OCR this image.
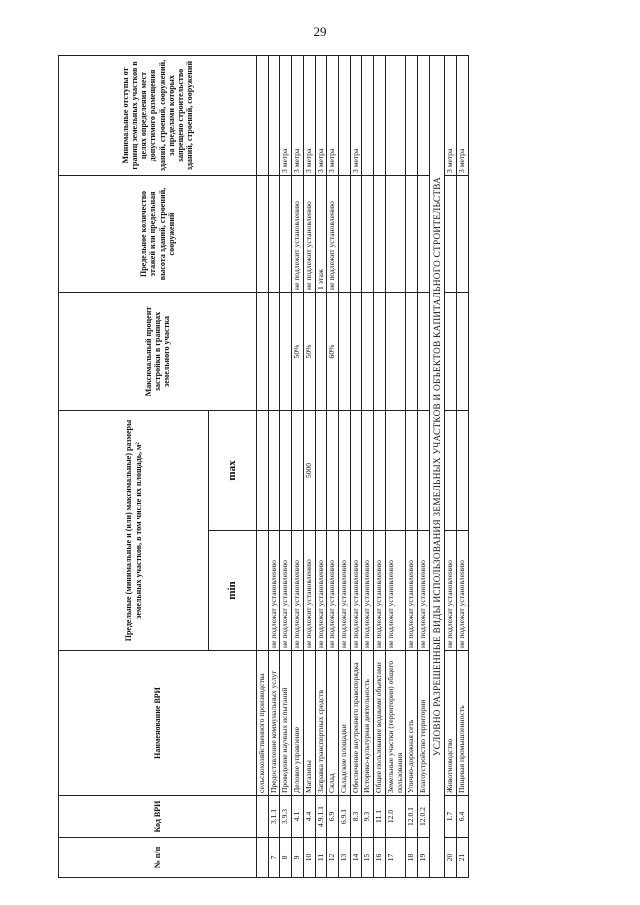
29
№ п/п	Код ВРИ	Наименование ВРИ	Предельные (минимальные и (или) максимальные) размеры земельных участков, в том числе их площадь, м²		Максимальный процент застройки в границах земельного участка	Предельное количество этажей или предельная высота зданий, строений, сооружений	Минимальные отступы от границ земельных участков в целях определения мест допустимого размещения зданий, строений, сооружений, за пределами которых запрещено строительство зданий, строений, сооружений
			min	max			
		сельскохозяйственного производства					
7	3.1.1	Предоставление коммунальных услуг	не подлежат установлению				
8	3.9.3	Проведение научных испытаний	не подлежат установлению				3 метра
9	4.1	Деловое управление	не подлежат установлению		50%	не подлежит установлению	3 метра
10	4.4	Магазины	не подлежит установлению	5000	50%	не подлежит установлению	3 метра
11	4.9.1.1	Заправка транспортных средств	не подлежат установлению			1 этаж	3 метра
12	6.9	Склад	не подлежат установлению		60%	не подлежит установлению	3 метра
13	6.9.1	Складские площадки	не подлежат установлению				
14	8.3	Обеспечение внутреннего правопорядка	не подлежат установлению				3 метра
15	9.3	Историко-культурная деятельность	не подлежат установлению				
16	11.1	Общее пользование водными объектами	не подлежат установлению				
17	12.0	Земельные участки (территории) общего пользования	не подлежат установлению				
18	12.0.1	Улично-дорожная сеть	не подлежат установлению				
19	12.0.2	Благоустройство территории	не подлежат установлению				
УСЛОВНО РАЗРЕШЕННЫЕ ВИДЫ ИСПОЛЬЗОВАНИЯ ЗЕМЕЛЬНЫХ УЧАСТКОВ И ОБЪЕКТОВ КАПИТАЛЬНОГО СТРОИТЕЛЬСТВА							
20	1.7	Животноводство	не подлежат установлению				3 метра
21	6.4	Пищевая промышленность	не подлежат установлению				3 метра
